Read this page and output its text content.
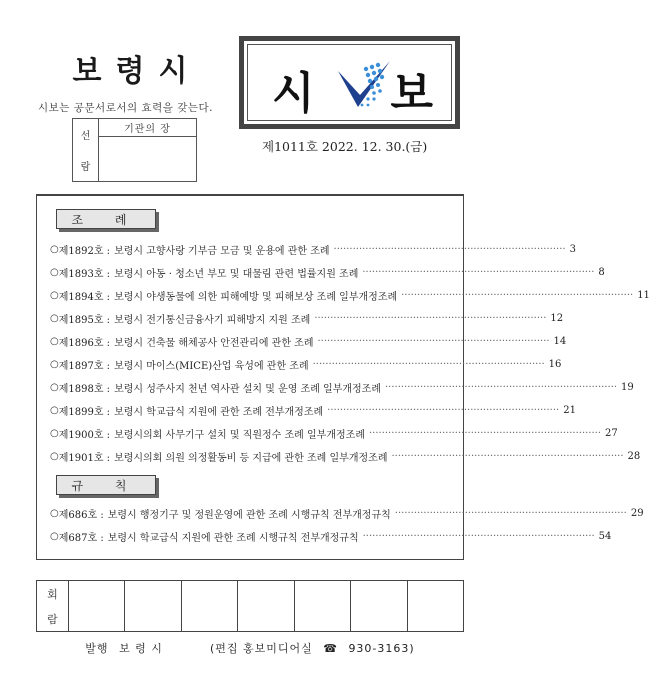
보령시
시보는 공문서로서의 효력을 갖는다.
선
람
기관의 장
시 보
제1011호 2022. 12. 30.(금)
조 례
○ 제1892호 : 보령시 고향사랑 기부금 모금 및 운용에 관한 조례 ········································································· 3
○ 제1893호 : 보령시 아동 · 청소년 부모 및 대물림 관련 법률지원 조례 ········································································· 8
○ 제1894호 : 보령시 야생동물에 의한 피해예방 및 피해보상 조례 일부개정조례 ········································································· 11
○ 제1895호 : 보령시 전기통신금융사기 피해방지 지원 조례 ········································································· 12
○ 제1896호 : 보령시 건축물 해체공사 안전관리에 관한 조례 ········································································· 14
○ 제1897호 : 보령시 마이스(MICE)산업 육성에 관한 조례 ········································································· 16
○ 제1898호 : 보령시 성주사지 천년 역사관 설치 및 운영 조례 일부개정조례 ········································································· 19
○ 제1899호 : 보령시 학교급식 지원에 관한 조례 전부개정조례 ········································································· 21
○ 제1900호 : 보령시의회 사무기구 설치 및 직원정수 조례 일부개정조례 ········································································· 27
○ 제1901호 : 보령시의회 의원 의정활동비 등 지급에 관한 조례 일부개정조례 ········································································· 28
규 칙
○ 제686호 : 보령시 행정기구 및 정원운영에 관한 조례 시행규칙 전부개정규칙 ········································································· 29
○ 제687호 : 보령시 학교급식 지원에 관한 조례 시행규칙 전부개정규칙 ········································································· 54
회
람
발행 보 령 시	(편집 홍보미디어실 ☎ 930-3163)
